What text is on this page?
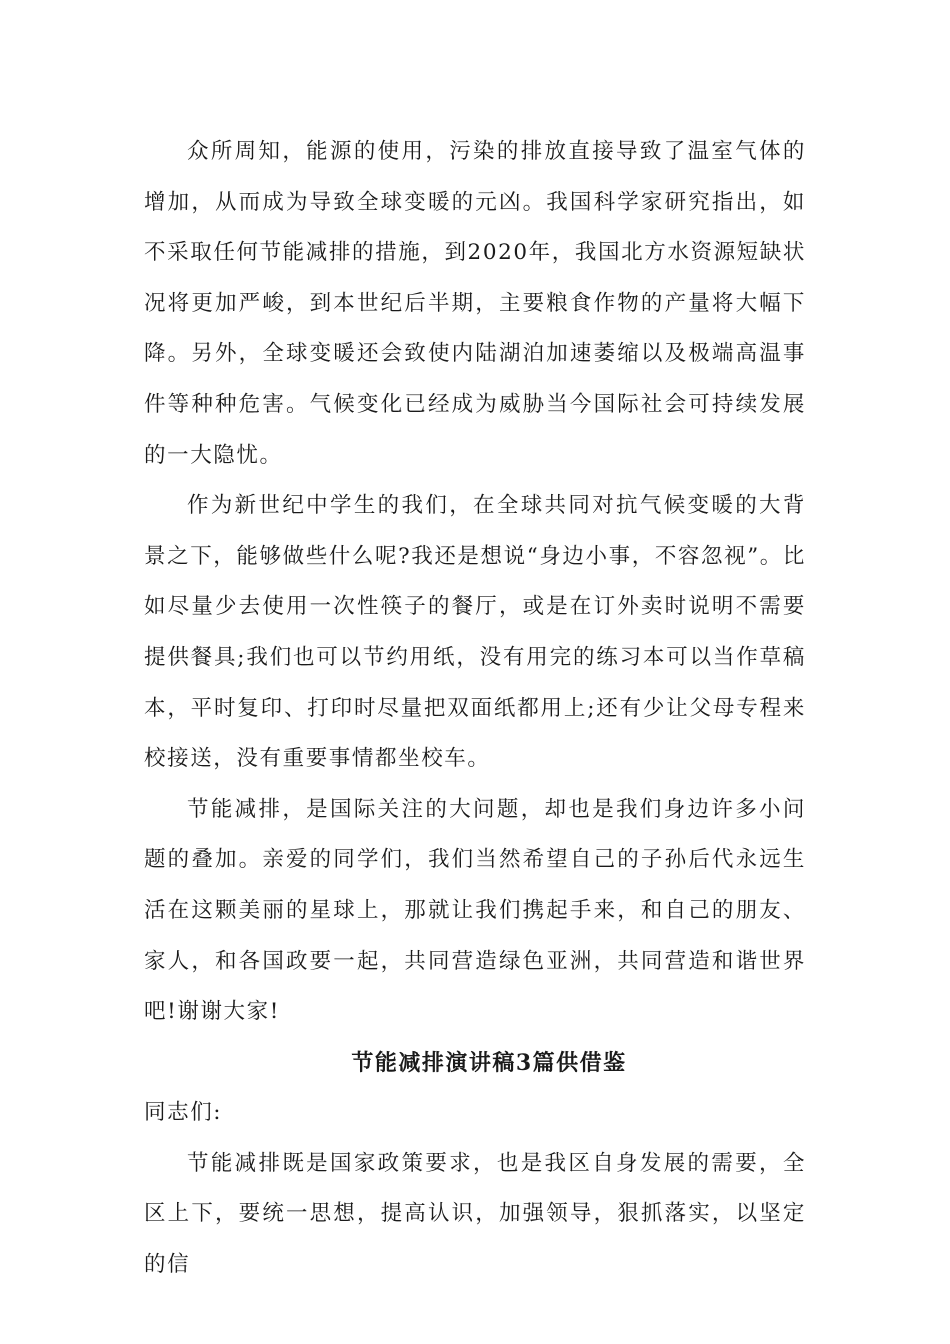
众所周知，能源的使用，污染的排放直接导致了温室气体的增加，从而成为导致全球变暖的元凶。我国科学家研究指出，如不采取任何节能减排的措施，到2020年，我国北方水资源短缺状况将更加严峻，到本世纪后半期，主要粮食作物的产量将大幅下降。另外，全球变暖还会致使内陆湖泊加速萎缩以及极端高温事件等种种危害。气候变化已经成为威胁当今国际社会可持续发展的一大隐忧。

作为新世纪中学生的我们，在全球共同对抗气候变暖的大背景之下，能够做些什么呢?我还是想说“身边小事，不容忽视”。比如尽量少去使用一次性筷子的餐厅，或是在订外卖时说明不需要提供餐具;我们也可以节约用纸，没有用完的练习本可以当作草稿本，平时复印、打印时尽量把双面纸都用上;还有少让父母专程来校接送，没有重要事情都坐校车。

节能减排，是国际关注的大问题，却也是我们身边许多小问题的叠加。亲爱的同学们，我们当然希望自己的子孙后代永远生活在这颗美丽的星球上，那就让我们携起手来，和自己的朋友、家人，和各国政要一起，共同营造绿色亚洲，共同营造和谐世界吧!谢谢大家!

节能减排演讲稿3篇供借鉴

同志们:

节能减排既是国家政策要求，也是我区自身发展的需要，全区上下，要统一思想，提高认识，加强领导，狠抓落实，以坚定的信
